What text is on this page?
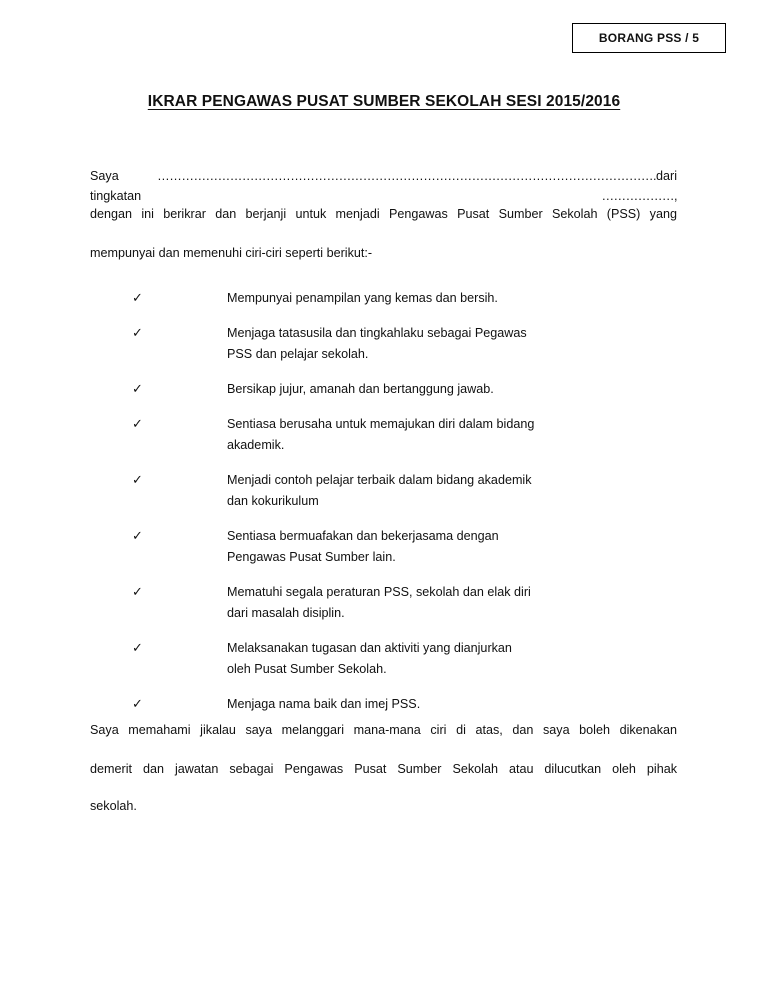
BORANG PSS / 5
IKRAR PENGAWAS PUSAT SUMBER SEKOLAH SESI 2015/2016
Saya	…………………………………………………………………………………………………………….dari tingkatan	………………,
dengan ini berikrar dan berjanji untuk menjadi Pengawas Pusat Sumber Sekolah (PSS) yang
mempunyai dan memenuhi ciri-ciri seperti berikut:-
✓	Mempunyai penampilan yang kemas dan bersih.
✓	Menjaga tatasusila dan tingkahlaku sebagai Pegawas PSS dan pelajar sekolah.
✓	Bersikap jujur, amanah dan bertanggung jawab.
✓	Sentiasa berusaha untuk memajukan diri dalam bidang akademik.
✓	Menjadi contoh pelajar terbaik dalam bidang akademik dan kokurikulum
✓	Sentiasa bermuafakan dan bekerjasama dengan Pengawas Pusat Sumber lain.
✓	Mematuhi segala peraturan PSS, sekolah dan elak diri dari masalah disiplin.
✓	Melaksanakan tugasan dan aktiviti yang dianjurkan oleh Pusat Sumber Sekolah.
✓	Menjaga nama baik dan imej PSS.
Saya memahami jikalau saya melanggari mana-mana ciri di atas, dan saya boleh dikenakan
demerit dan jawatan sebagai Pengawas Pusat Sumber Sekolah atau dilucutkan oleh pihak
sekolah.
